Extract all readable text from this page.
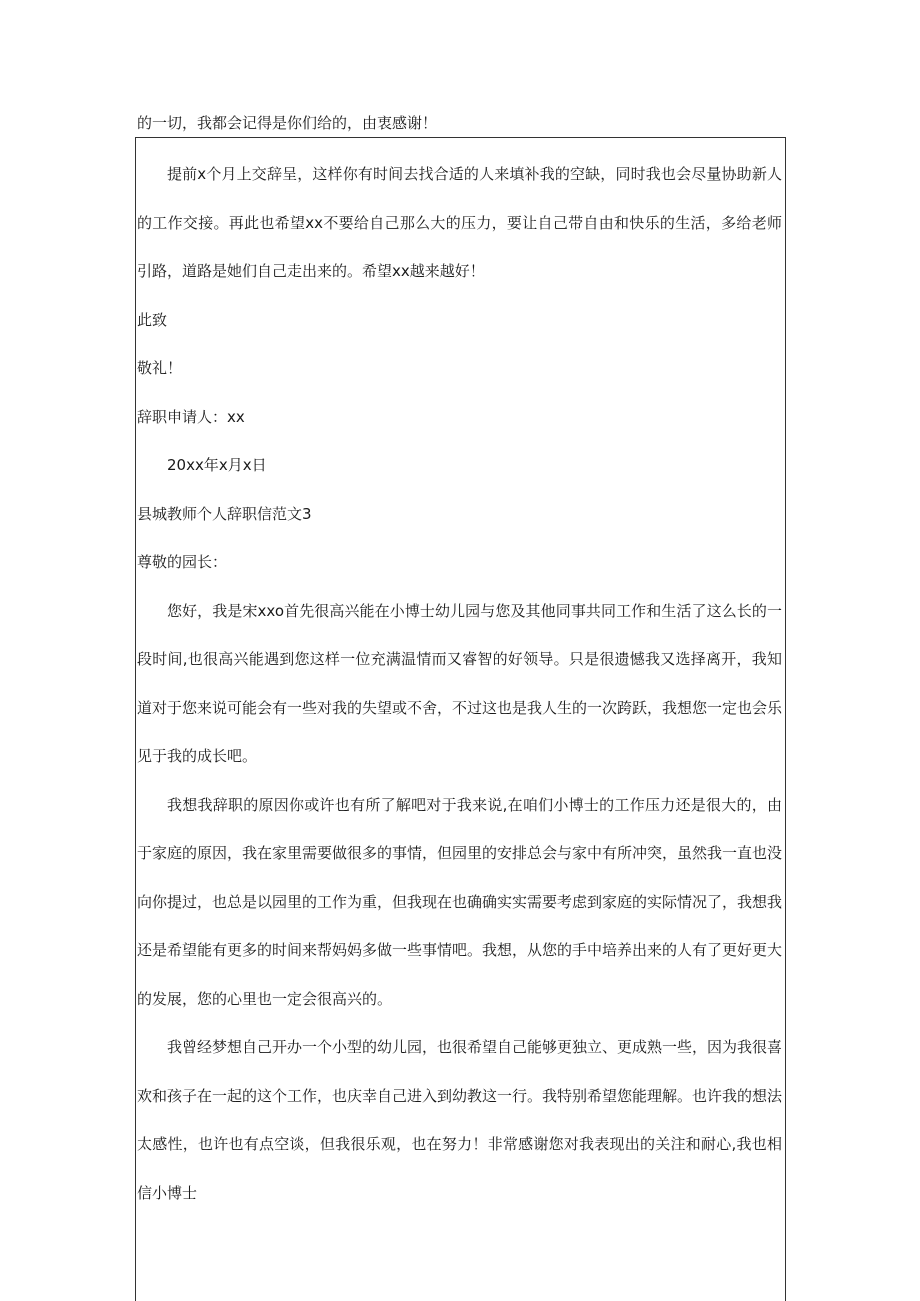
的一切，我都会记得是你们给的，由衷感谢！

提前x个月上交辞呈，这样你有时间去找合适的人来填补我的空缺，同时我也会尽量协助新人的工作交接。再此也希望xx不要给自己那么大的压力，要让自己带自由和快乐的生活，多给老师引路，道路是她们自己走出来的。希望xx越来越好！

此致

敬礼！

辞职申请人：xx

20xx年x月x日

县城教师个人辞职信范文3

尊敬的园长：

您好，我是宋xxo首先很高兴能在小博士幼儿园与您及其他同事共同工作和生活了这么长的一段时间,也很高兴能遇到您这样一位充满温情而又睿智的好领导。只是很遗憾我又选择离开，我知道对于您来说可能会有一些对我的失望或不舍，不过这也是我人生的一次跨跃，我想您一定也会乐见于我的成长吧。

我想我辞职的原因你或许也有所了解吧对于我来说,在咱们小博士的工作压力还是很大的，由于家庭的原因，我在家里需要做很多的事情，但园里的安排总会与家中有所冲突，虽然我一直也没向你提过，也总是以园里的工作为重，但我现在也确确实实需要考虑到家庭的实际情况了，我想我还是希望能有更多的时间来帮妈妈多做一些事情吧。我想，从您的手中培养出来的人有了更好更大的发展，您的心里也一定会很高兴的。

我曾经梦想自己开办一个小型的幼儿园，也很希望自己能够更独立、更成熟一些，因为我很喜欢和孩子在一起的这个工作，也庆幸自己进入到幼教这一行。我特别希望您能理解。也许我的想法太感性，也许也有点空谈，但我很乐观，也在努力！非常感谢您对我表现出的关注和耐心,我也相信小博士
